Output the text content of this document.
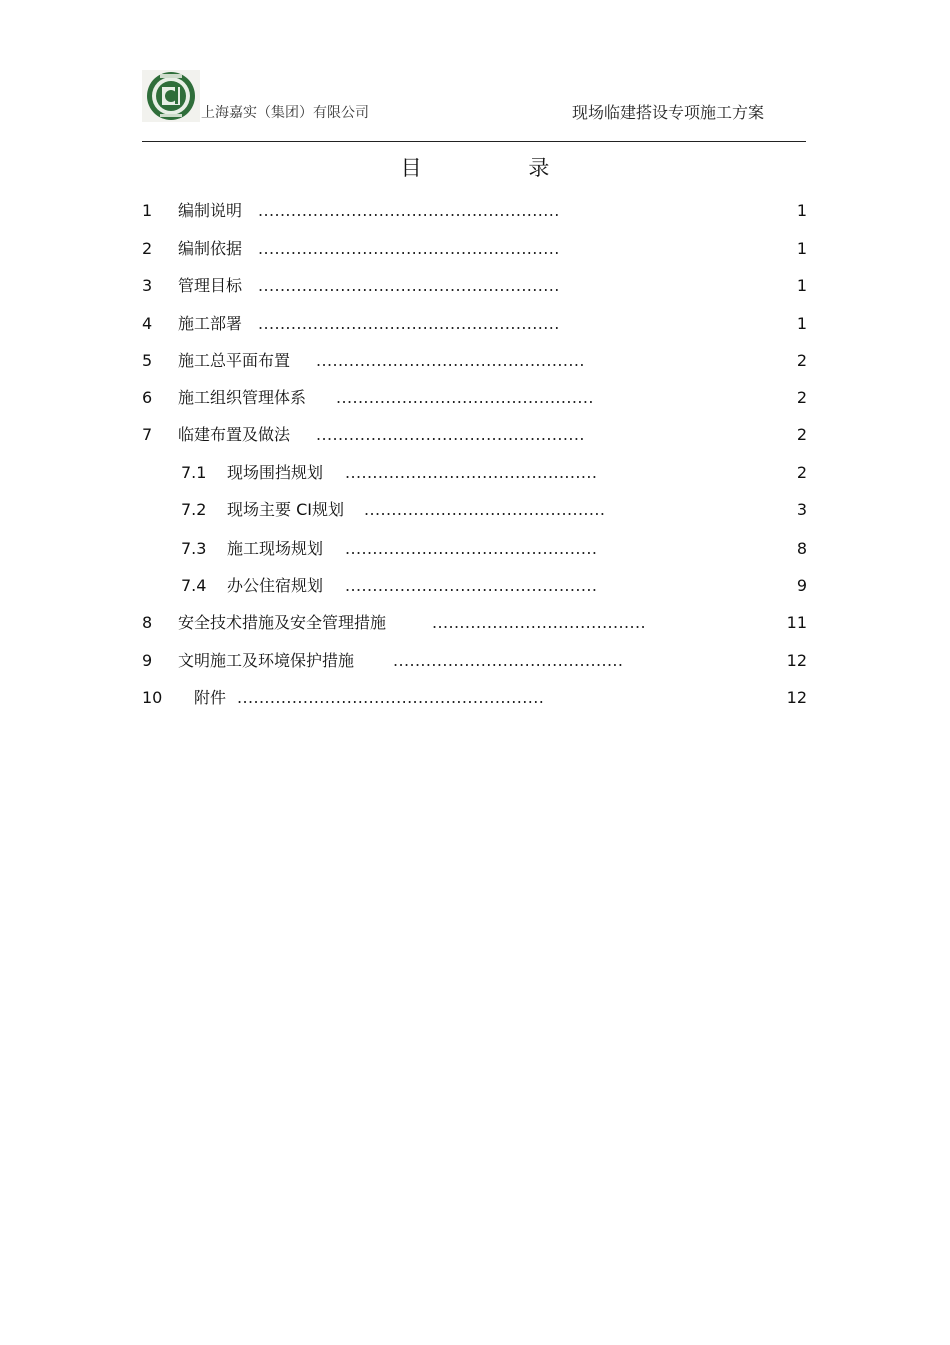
上海嘉实（集团）有限公司	现场临建搭设专项施工方案
目 录
1 编制说明 .......................................................	1
2 编制依据 .......................................................	1
3 管理目标 .......................................................	1
4 施工部署 .......................................................	1
5 施工总平面布置 .................................................	2
6 施工组织管理体系 ...............................................	2
7 临建布置及做法 .................................................	2
7.1 现场围挡规划 ..............................................	2
7.2 现场主要 CI规划 ............................................	3
7.3 施工现场规划 ..............................................	8
7.4 办公住宿规划 ..............................................	9
8 安全技术措施及安全管理措施	.......................................	11
9 文明施工及环境保护措施 ..........................................	12
10 附件 ........................................................	12
